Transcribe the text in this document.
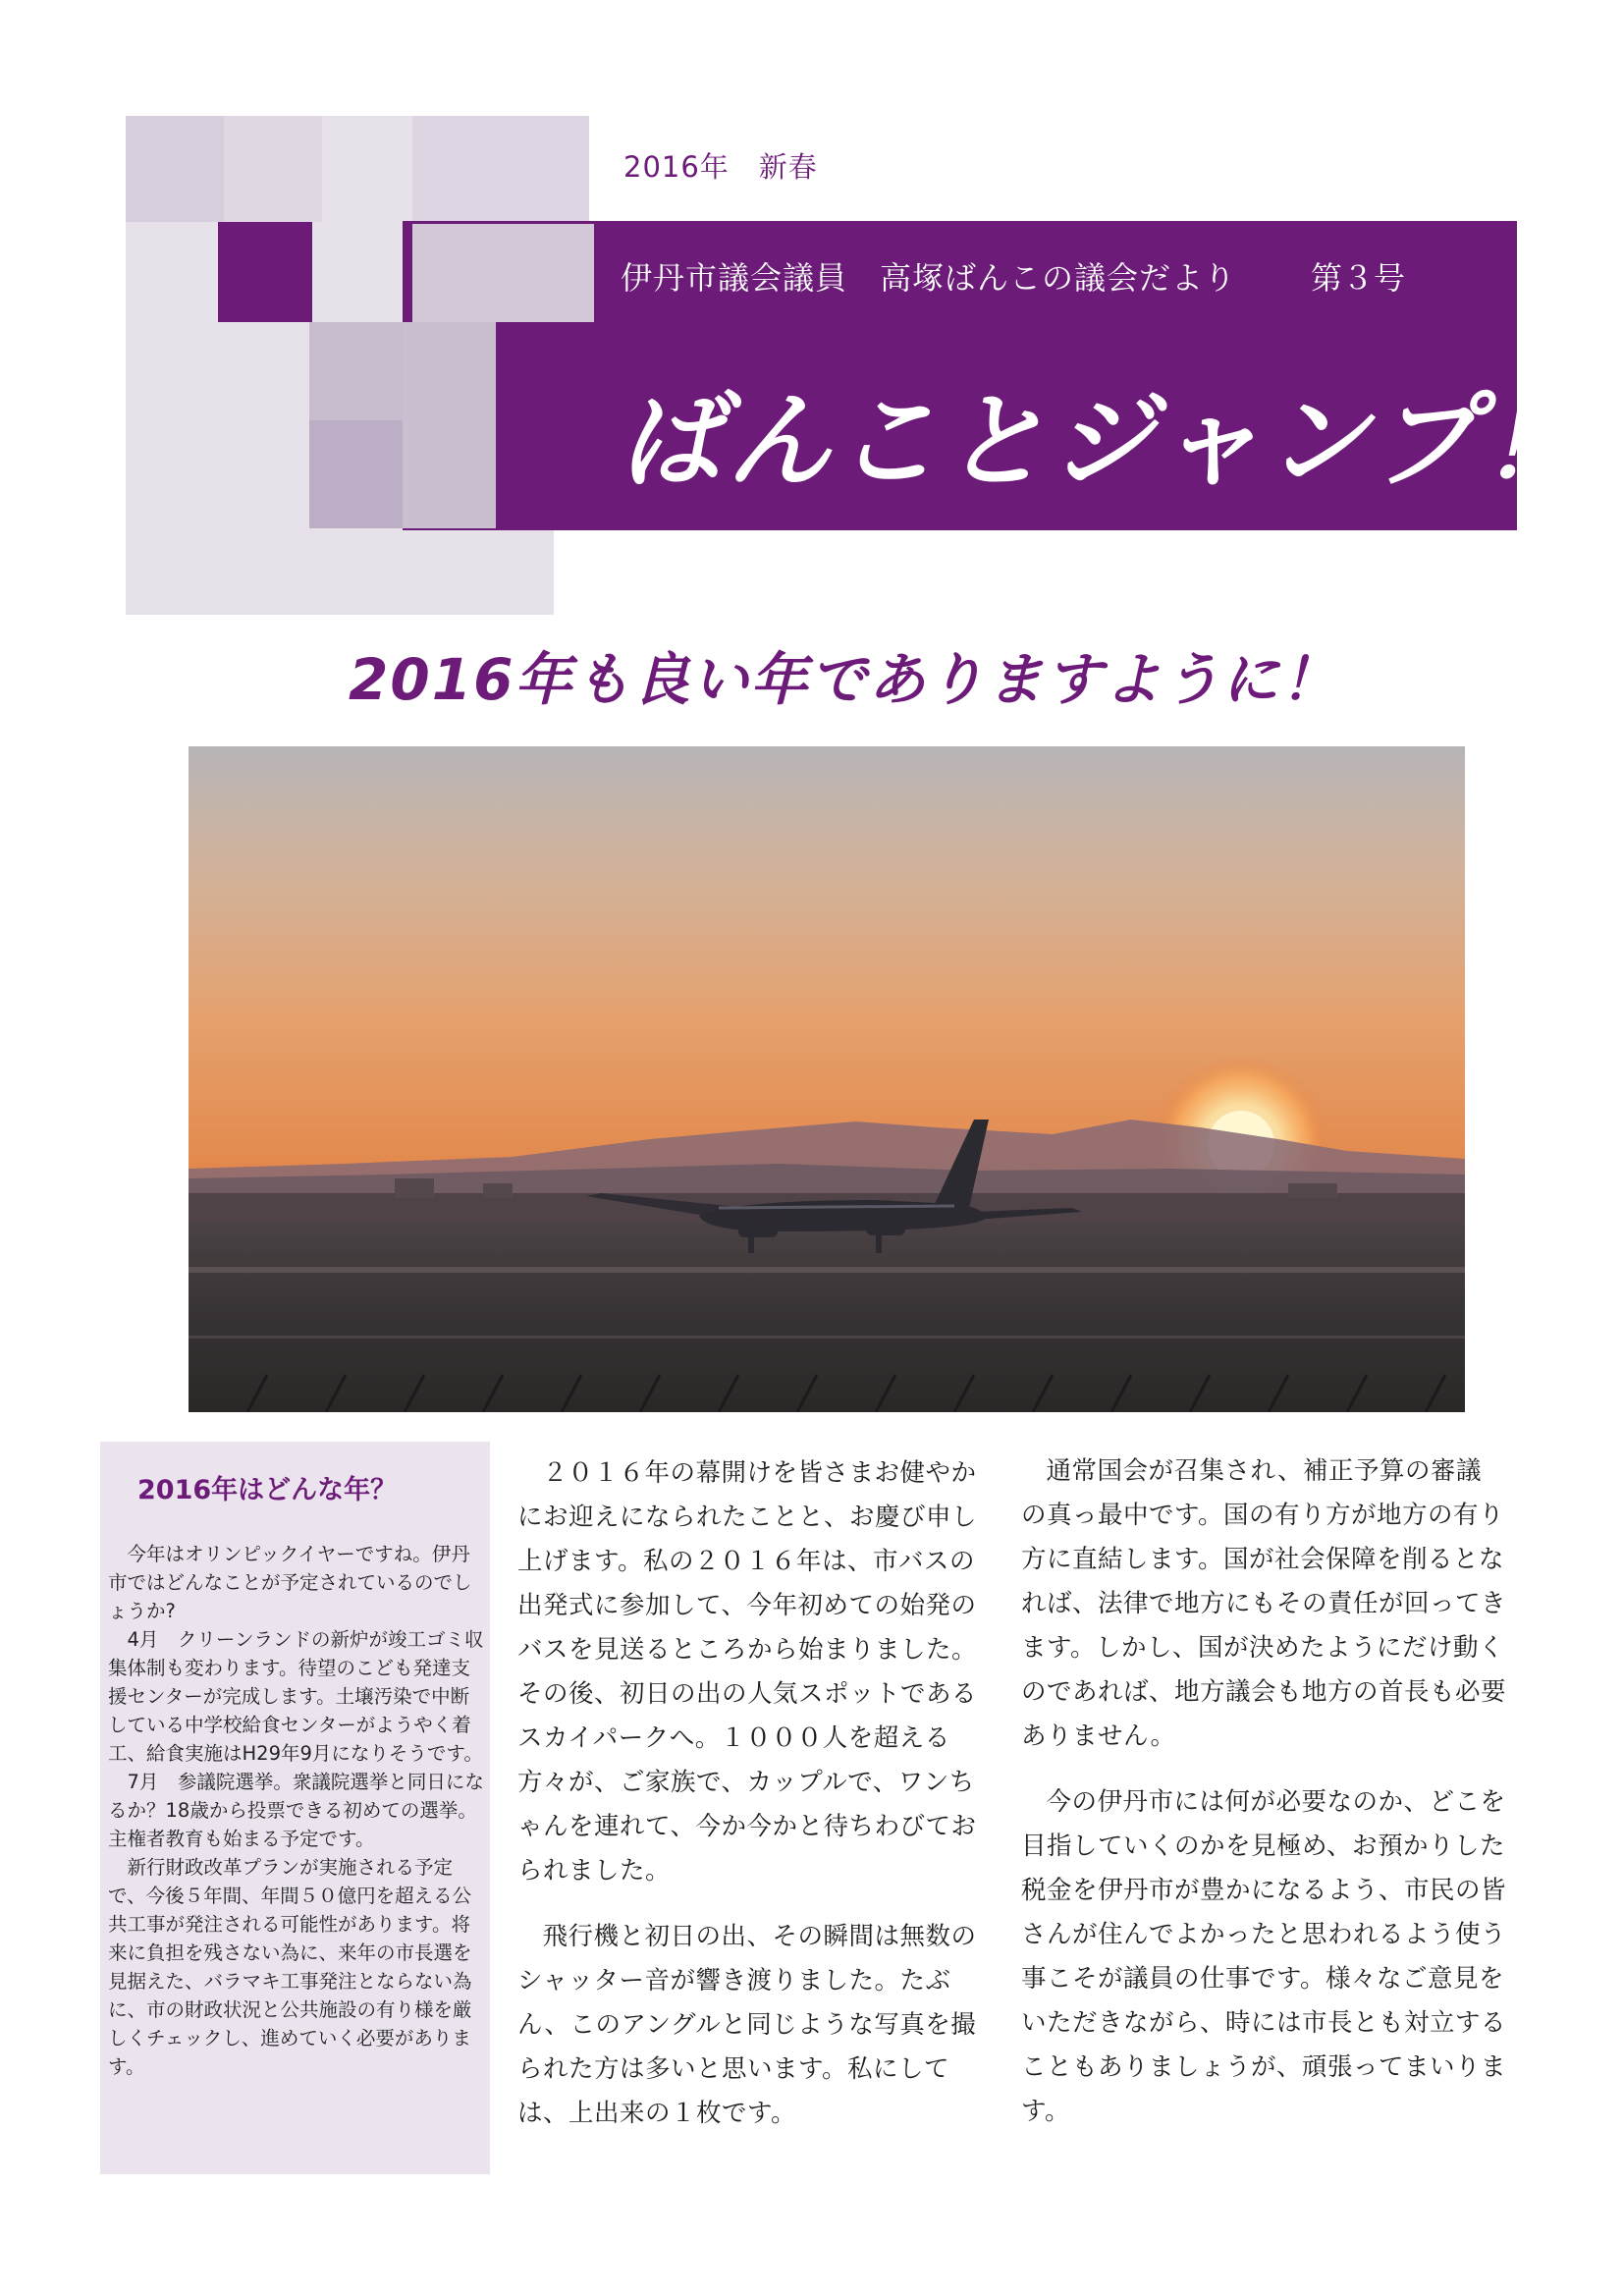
2016年　新春
伊丹市議会議員　高塚ばんこの議会だより 第３号
ばんことジャンプ！
2016年も良い年でありますように！
2016年はどんな年？

今年はオリンピックイヤーですね。伊丹市ではどんなことが予定されているのでしょうか?

4月　クリーンランドの新炉が竣工ゴミ収集体制も変わります。待望のこども発達支援センターが完成します。土壌汚染で中断している中学校給食センターがようやく着工、給食実施はH29年9月になりそうです。

7月　参議院選挙。衆議院選挙と同日になるか？18歳から投票できる初めての選挙。主権者教育も始まる予定です。

新行財政改革プランが実施される予定で、今後５年間、年間５０億円を超える公共工事が発注される可能性があります。将来に負担を残さない為に、来年の市長選を見据えた、バラマキ工事発注とならない為に、市の財政状況と公共施設の有り様を厳しくチェックし、進めていく必要があります。

２０１６年の幕開けを皆さまお健やかにお迎えになられたことと、お慶び申し上げます。私の２０１６年は、市バスの出発式に参加して、今年初めての始発のバスを見送るところから始まりました。その後、初日の出の人気スポットであるスカイパークへ。１０００人を超える方々が、ご家族で、カップルで、ワンちゃんを連れて、今か今かと待ちわびておられました。

飛行機と初日の出、その瞬間は無数のシャッター音が響き渡りました。たぶん、このアングルと同じような写真を撮られた方は多いと思います。私にしては、上出来の１枚です。

通常国会が召集され、補正予算の審議の真っ最中です。国の有り方が地方の有り方に直結します。国が社会保障を削るとなれば、法律で地方にもその責任が回ってきます。しかし、国が決めたようにだけ動くのであれば、地方議会も地方の首長も必要ありません。

今の伊丹市には何が必要なのか、どこを目指していくのかを見極め、お預かりした税金を伊丹市が豊かになるよう、市民の皆さんが住んでよかったと思われるよう使う事こそが議員の仕事です。様々なご意見をいただきながら、時には市長とも対立することもありましょうが、頑張ってまいります。
